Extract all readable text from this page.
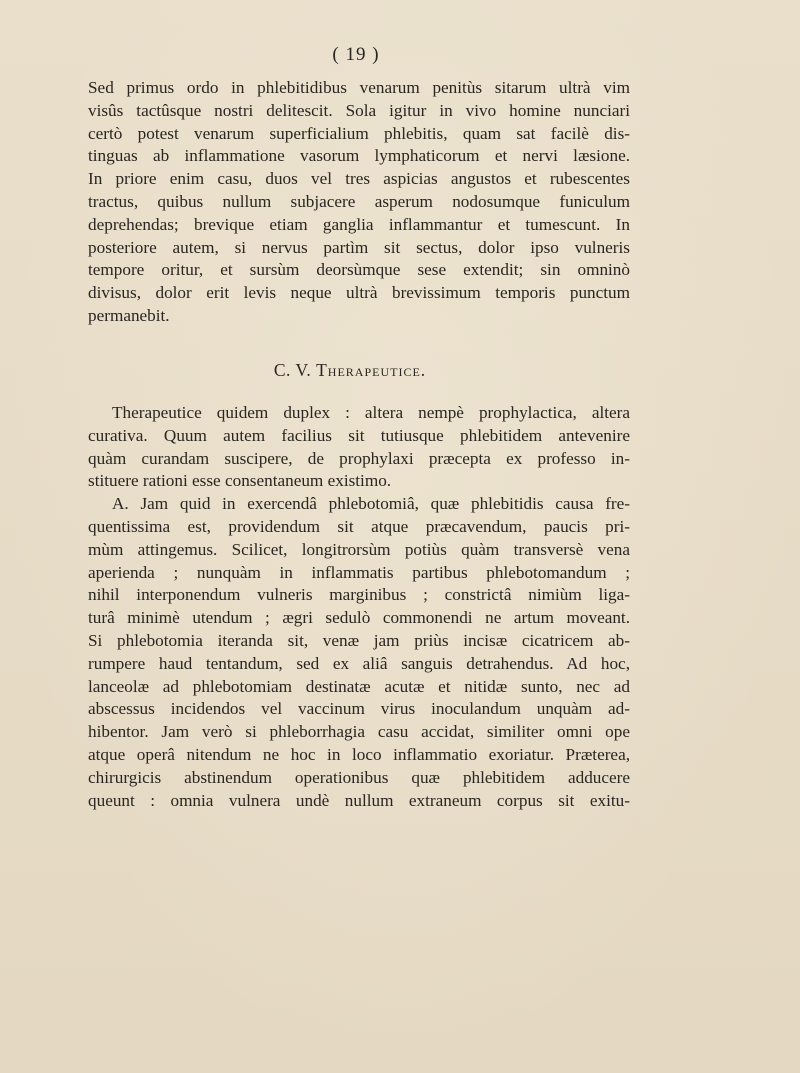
( 19 )
Sed primus ordo in phlebitidibus venarum penitùs sitarum ultrà vim
visûs tactûsque nostri delitescit. Sola igitur in vivo homine nunciari
certò potest venarum superficialium phlebitis, quam sat facilè dis-
tinguas ab inflammatione vasorum lymphaticorum et nervi læsione.
In priore enim casu, duos vel tres aspicias angustos et rubescentes
tractus, quibus nullum subjacere asperum nodosumque funiculum
deprehendas; brevique etiam ganglia inflammantur et tumescunt. In
posteriore autem, si nervus partìm sit sectus, dolor ipso vulneris
tempore oritur, et sursùm deorsùmque sese extendit; sin omninò
divisus, dolor erit levis neque ultrà brevissimum temporis punctum
permanebit.
C. V. Therapeutice.
Therapeutice quidem duplex : altera nempè prophylactica, altera
curativa. Quum autem facilius sit tutiusque phlebitidem antevenire
quàm curandam suscipere, de prophylaxi præcepta ex professo in-
stituere rationi esse consentaneum existimo.
A. Jam quid in exercendâ phlebotomiâ, quæ phlebitidis causa fre-
quentissima est, providendum sit atque præcavendum, paucis pri-
mùm attingemus. Scilicet, longitrorsùm potiùs quàm transversè vena
aperienda ; nunquàm in inflammatis partibus phlebotomandum ;
nihil interponendum vulneris marginibus ; constrictâ nimiùm liga-
turâ minimè utendum ; ægri sedulò commonendi ne artum moveant.
Si phlebotomia iteranda sit, venæ jam priùs incisæ cicatricem ab-
rumpere haud tentandum, sed ex aliâ sanguis detrahendus. Ad hoc,
lanceolæ ad phlebotomiam destinatæ acutæ et nitidæ sunto, nec ad
abscessus incidendos vel vaccinum virus inoculandum unquàm ad-
hibentor. Jam verò si phleborrhagia casu accidat, similiter omni ope
atque operâ nitendum ne hoc in loco inflammatio exoriatur. Præterea,
chirurgicis abstinendum operationibus quæ phlebitidem adducere
queunt : omnia vulnera undè nullum extraneum corpus sit exitu-
